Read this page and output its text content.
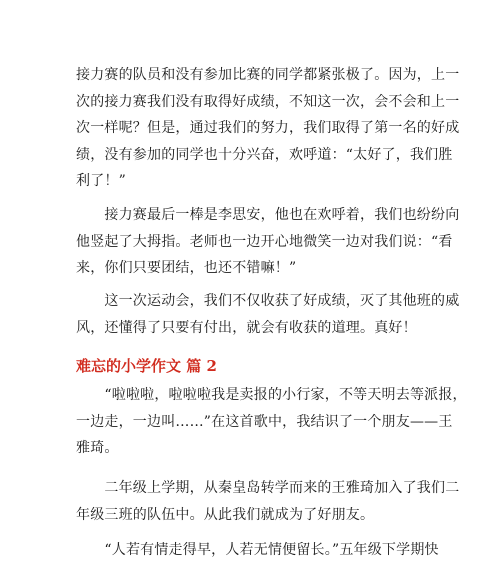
接力赛的队员和没有参加比赛的同学都紧张极了。因为，上一
次的接力赛我们没有取得好成绩，不知这一次，会不会和上一
次一样呢？但是，通过我们的努力，我们取得了第一名的好成
绩，没有参加的同学也十分兴奋，欢呼道：“太好了，我们胜
利了！”

　　接力赛最后一棒是李思安，他也在欢呼着，我们也纷纷向
他竖起了大拇指。老师也一边开心地微笑一边对我们说：“看
来，你们只要团结，也还不错嘛！”

　　这一次运动会，我们不仅收获了好成绩，灭了其他班的威
风，还懂得了只要有付出，就会有收获的道理。真好！

难忘的小学作文 篇 2

　　“啦啦啦，啦啦啦我是卖报的小行家，不等天明去等派报，
一边走，一边叫……”在这首歌中，我结识了一个朋友——王
雅琦。

　　二年级上学期，从秦皇岛转学而来的王雅琦加入了我们二
年级三班的队伍中。从此我们就成为了好朋友。

　　“人若有情走得早，人若无情便留长。”五年级下学期快
